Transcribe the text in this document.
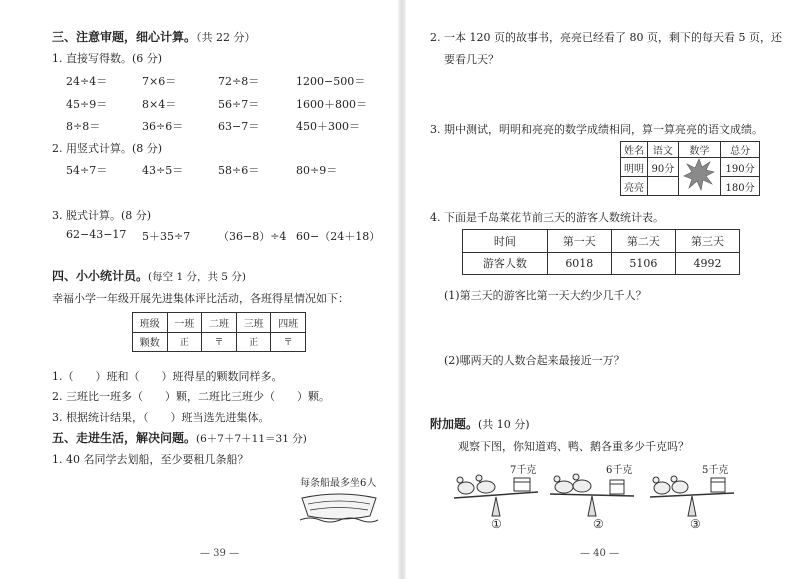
三、注意审题，细心计算。（共 22 分）
1. 直接写得数。(6 分)
24÷4＝	7×6＝	72÷8＝	1200−500＝
45÷9＝	8×4＝	56÷7＝	1600＋800＝
8÷8＝	36÷6＝	63−7＝	450＋300＝
2. 用竖式计算。(8 分)
54÷7＝	43÷5＝	58÷6＝	80÷9＝
3. 脱式计算。(8 分)
62−43−17 5＋35÷7	（36−8）÷4 60−（24＋18）
四、小小统计员。(每空 1 分，共 5 分)
幸福小学一年级开展先进集体评比活动，各班得星情况如下：
班级	一班	二班	三班	四班
颗数	正	〒	正	〒
1.（　　）班和（　　）班得星的颗数同样多。
2. 三班比一班多（　　）颗，二班比三班少（　　）颗。
3. 根据统计结果，（　　）班当选先进集体。
五、走进生活，解决问题。(6＋7＋7＋11＝31 分)
1. 40 名同学去划船，至少要租几条船？
每条船最多坐6人
— 39 —
2. 一本 120 页的故事书，亮亮已经看了 80 页，剩下的每天看 5 页，还
要看几天？
3. 期中测试，明明和亮亮的数学成绩相同，算一算亮亮的语文成绩。
姓名	语文	数学	总分
明明	90分		190分
亮亮			180分
4. 下面是千岛菜花节前三天的游客人数统计表。
时间	第一天	第二天	第三天
游客人数	6018	5106	4992
(1)第三天的游客比第一天大约少几千人？
(2)哪两天的人数合起来最接近一万？
附加题。(共 10 分)
观察下图，你知道鸡、鸭、鹅各重多少千克吗？
7千克
①
6千克
②
5千克
③
— 40 —
